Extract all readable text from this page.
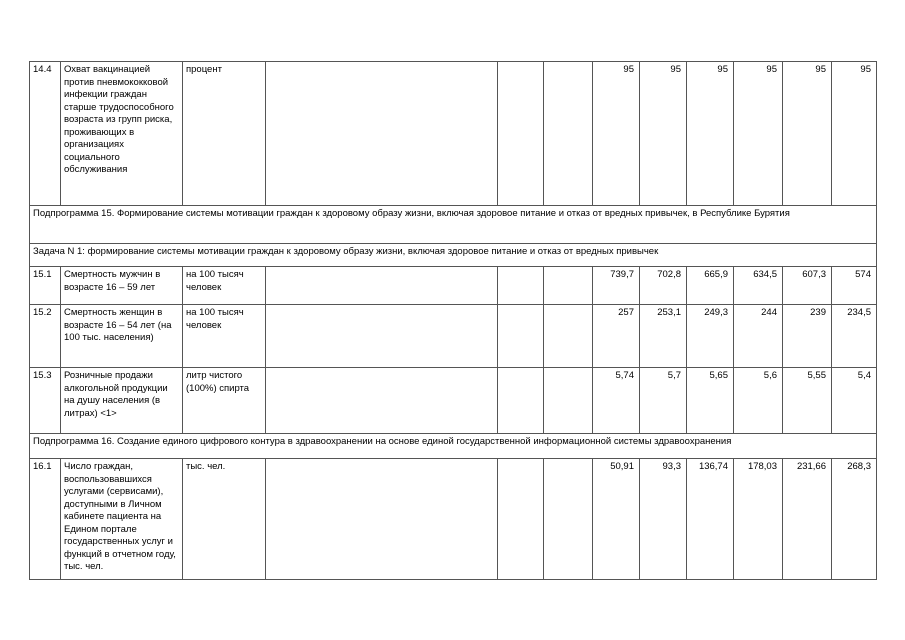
14.4	Охват вакцинацией против пневмококковой инфекции граждан старше трудоспособного возраста из групп риска, проживающих в организациях социального обслуживания	процент				95	95	95	95	95	95
Подпрограмма 15. Формирование системы мотивации граждан к здоровому образу жизни, включая здоровое питание и отказ от вредных привычек, в Республике Бурятия											
Задача N 1: формирование системы мотивации граждан к здоровому образу жизни, включая здоровое питание и отказ от вредных привычек											
15.1	Смертность мужчин в возрасте 16 – 59 лет	на 100 тысяч человек				739,7	702,8	665,9	634,5	607,3	574
15.2	Смертность женщин в возрасте 16 – 54 лет (на 100 тыс. населения)	на 100 тысяч человек				257	253,1	249,3	244	239	234,5
15.3	Розничные продажи алкогольной продукции на душу населения (в литрах) <1>	литр чистого (100%) спирта				5,74	5,7	5,65	5,6	5,55	5,4
Подпрограмма 16. Создание единого цифрового контура в здравоохранении на основе единой государственной информационной системы здравоохранения											
16.1	Число граждан, воспользовавшихся услугами (сервисами), доступными в Личном кабинете пациента на Едином портале государственных услуг и функций в отчетном году, тыс. чел.	тыс. чел.				50,91	93,3	136,74	178,03	231,66	268,3
